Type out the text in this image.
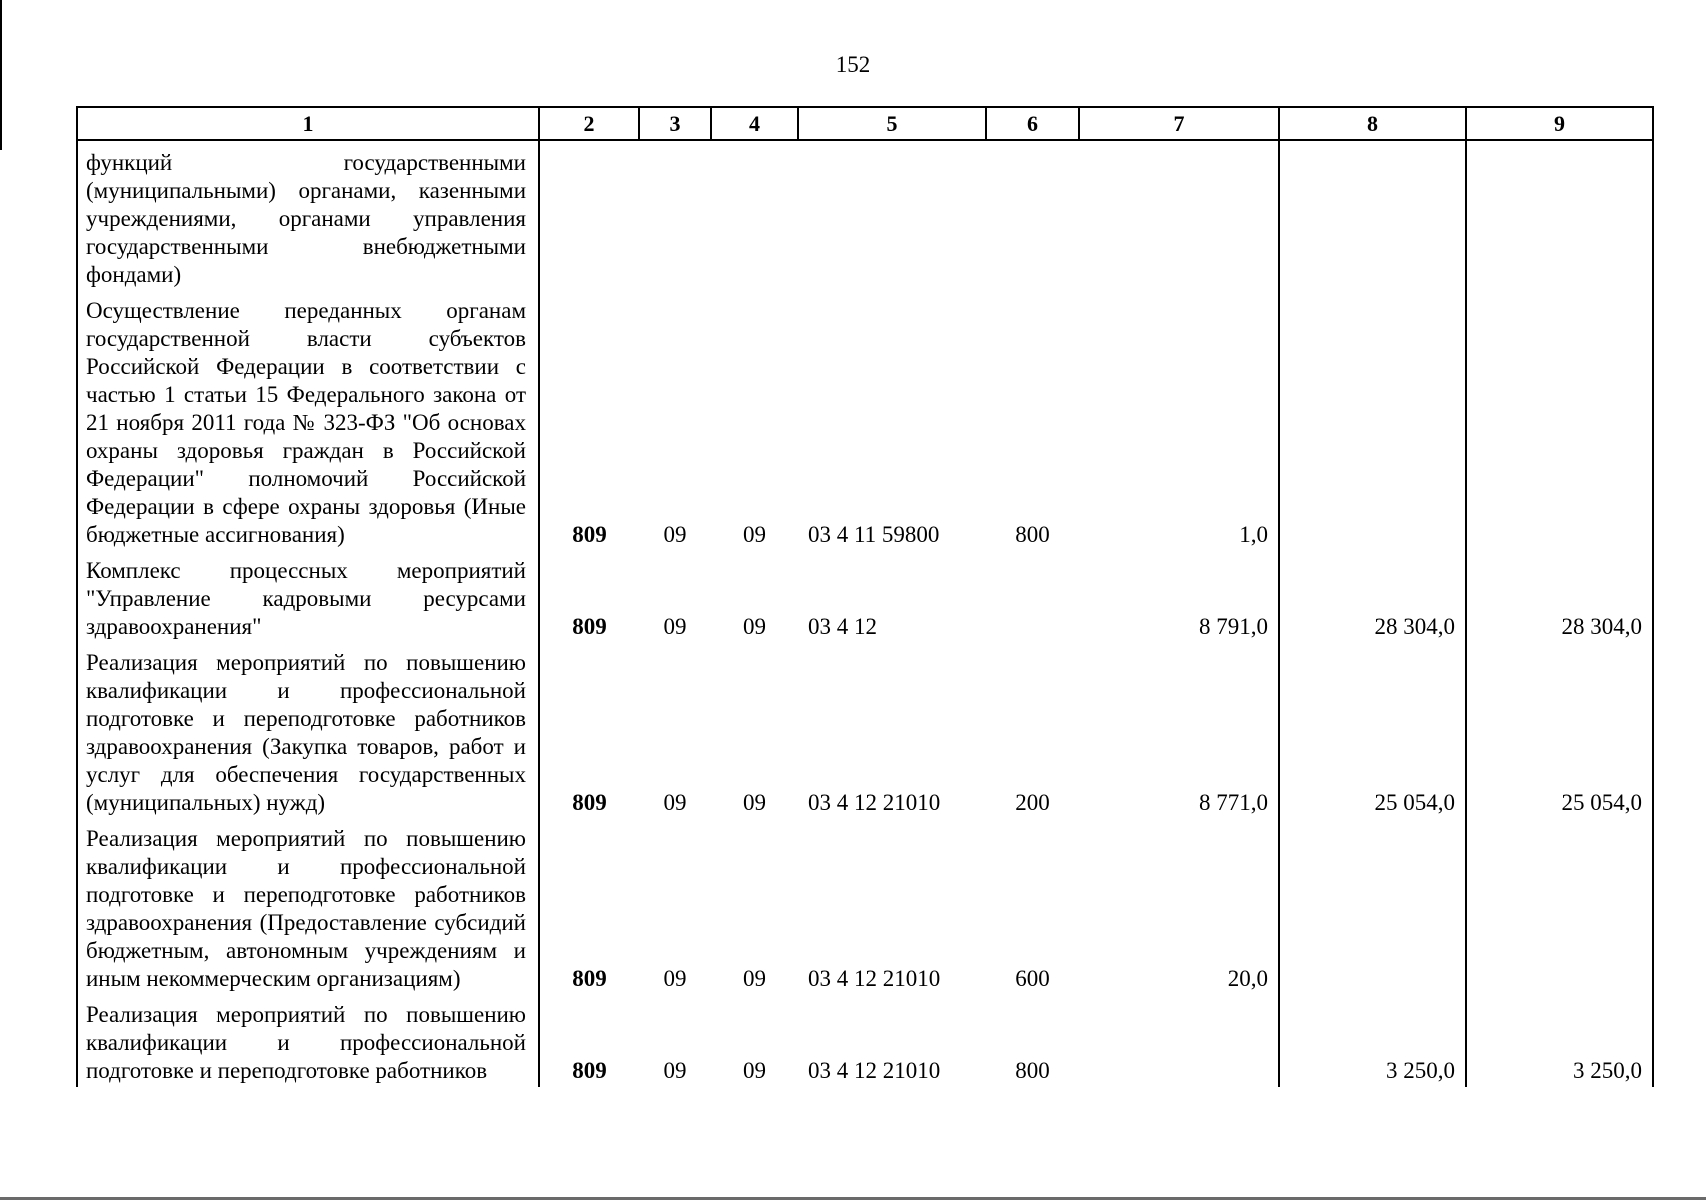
152
1	2	3	4	5	6	7	8	9
функций государственными (муниципальными) органами, казенными учреждениями, органами управления государственными внебюджетными фондами)								
Осуществление переданных органам государственной власти субъектов Российской Федерации в соответствии с частью 1 статьи 15 Федерального закона от 21 ноября 2011 года № 323-ФЗ "Об основах охраны здоровья граждан в Российской Федерации" полномочий Российской Федерации в сфере охраны здоровья (Иные бюджетные ассигнования)	809	09	09	03 4 11 59800	800	1,0		
Комплекс процессных мероприятий "Управление кадровыми ресурсами здравоохранения"	809	09	09	03 4 12		8 791,0	28 304,0	28 304,0
Реализация мероприятий по повышению квалификации и профессиональной подготовке и переподготовке работников здравоохранения (Закупка товаров, работ и услуг для обеспечения государственных (муниципальных) нужд)	809	09	09	03 4 12 21010	200	8 771,0	25 054,0	25 054,0
Реализация мероприятий по повышению квалификации и профессиональной подготовке и переподготовке работников здравоохранения (Предоставление субсидий бюджетным, автономным учреждениям и иным некоммерческим организациям)	809	09	09	03 4 12 21010	600	20,0		
Реализация мероприятий по повышению квалификации и профессиональной подготовке и переподготовке работников	809	09	09	03 4 12 21010	800		3 250,0	3 250,0
